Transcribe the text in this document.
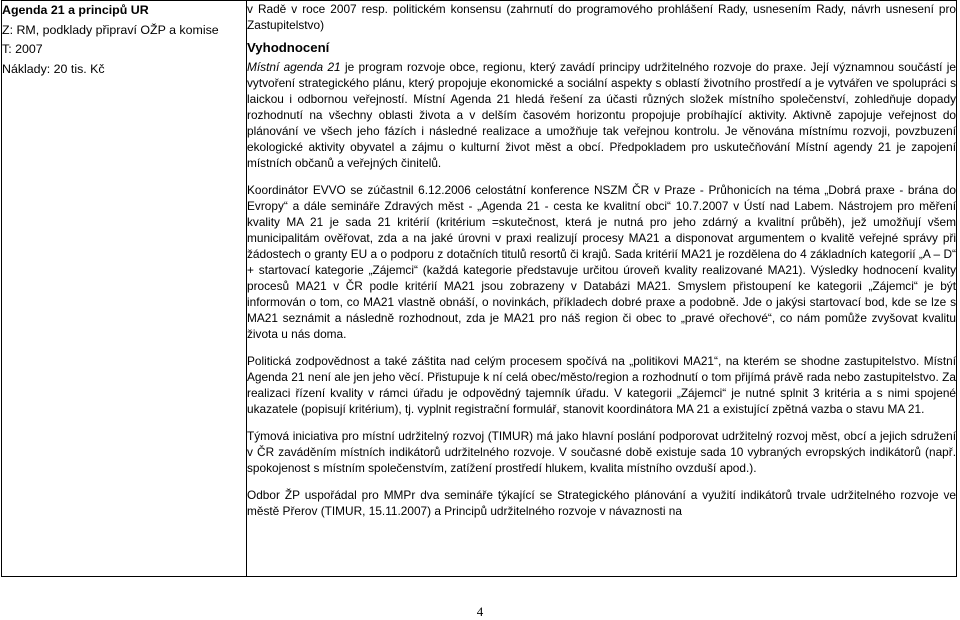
Agenda 21 a principů UR
Z: RM, podklady připraví OŽP a komise
T: 2007
Náklady: 20 tis. Kč

v Radě v roce 2007 resp. politickém konsensu (zahrnutí do programového prohlášení Rady, usnesením Rady, návrh usnesení pro Zastupitelstvo)

Vyhodnocení

Místní agenda 21 je program rozvoje obce, regionu, který zavádí principy udržitelného rozvoje do praxe. Její významnou součástí je vytvoření strategického plánu, který propojuje ekonomické a sociální aspekty s oblastí životního prostředí a je vytvářen ve spolupráci s laickou i odbornou veřejností. Místní Agenda 21 hledá řešení za účasti různých složek místního společenství, zohledňuje dopady rozhodnutí na všechny oblasti života a v delším časovém horizontu propojuje probíhající aktivity. Aktivně zapojuje veřejnost do plánování ve všech jeho fázích i následné realizace a umožňuje tak veřejnou kontrolu. Je věnována místnímu rozvoji, povzbuzení ekologické aktivity obyvatel a zájmu o kulturní život měst a obcí. Předpokladem pro uskutečňování Místní agendy 21 je zapojení místních občanů a veřejných činitelů.

Koordinátor EVVO se zúčastnil 6.12.2006 celostátní konference NSZM ČR v Praze - Průhonicích na téma „Dobrá praxe - brána do Evropy“ a dále semináře Zdravých měst - „Agenda 21 - cesta ke kvalitní obci“ 10.7.2007 v Ústí nad Labem. Nástrojem pro měření kvality MA 21 je sada 21 kritérií (kritérium =skutečnost, která je nutná pro jeho zdárný a kvalitní průběh), jež umožňují všem municipalitám ověřovat, zda a na jaké úrovni v praxi realizují procesy MA21 a disponovat argumentem o kvalitě veřejné správy při žádostech o granty EU a o podporu z dotačních titulů resortů či krajů. Sada kritérií MA21 je rozdělena do 4 základních kategorií „A – D“ + startovací kategorie „Zájemci“ (každá kategorie představuje určitou úroveň kvality realizované MA21). Výsledky hodnocení kvality procesů MA21 v ČR podle kritérií MA21 jsou zobrazeny v Databázi MA21. Smyslem přistoupení ke kategorii „Zájemci“ je být informován o tom, co MA21 vlastně obnáší, o novinkách, příkladech dobré praxe a podobně. Jde o jakýsi startovací bod, kde se lze s MA21 seznámit a následně rozhodnout, zda je MA21 pro náš region či obec to „pravé ořechové“, co nám pomůže zvyšovat kvalitu života u nás doma.

Politická zodpovědnost a také záštita nad celým procesem spočívá na „politikovi MA21“, na kterém se shodne zastupitelstvo. Místní Agenda 21 není ale jen jeho věcí. Přistupuje k ní celá obec/město/region a rozhodnutí o tom přijímá právě rada nebo zastupitelstvo. Za realizaci řízení kvality v rámci úřadu je odpovědný tajemník úřadu. V kategorii „Zájemci“ je nutné splnit 3 kritéria a s nimi spojené ukazatele (popisují kritérium), tj. vyplnit registrační formulář, stanovit koordinátora MA 21 a existující zpětná vazba o stavu MA 21.

Týmová iniciativa pro místní udržitelný rozvoj (TIMUR) má jako hlavní poslání podporovat udržitelný rozvoj měst, obcí a jejich sdružení v ČR zaváděním místních indikátorů udržitelného rozvoje. V současné době existuje sada 10 vybraných evropských indikátorů (např. spokojenost s místním společenstvím, zatížení prostředí hlukem, kvalita místního ovzduší apod.).

Odbor ŽP uspořádal pro MMPr dva semináře týkající se Strategického plánování a využití indikátorů trvale udržitelného rozvoje ve městě Přerov (TIMUR, 15.11.2007) a Principů udržitelného rozvoje v návaznosti na

4
